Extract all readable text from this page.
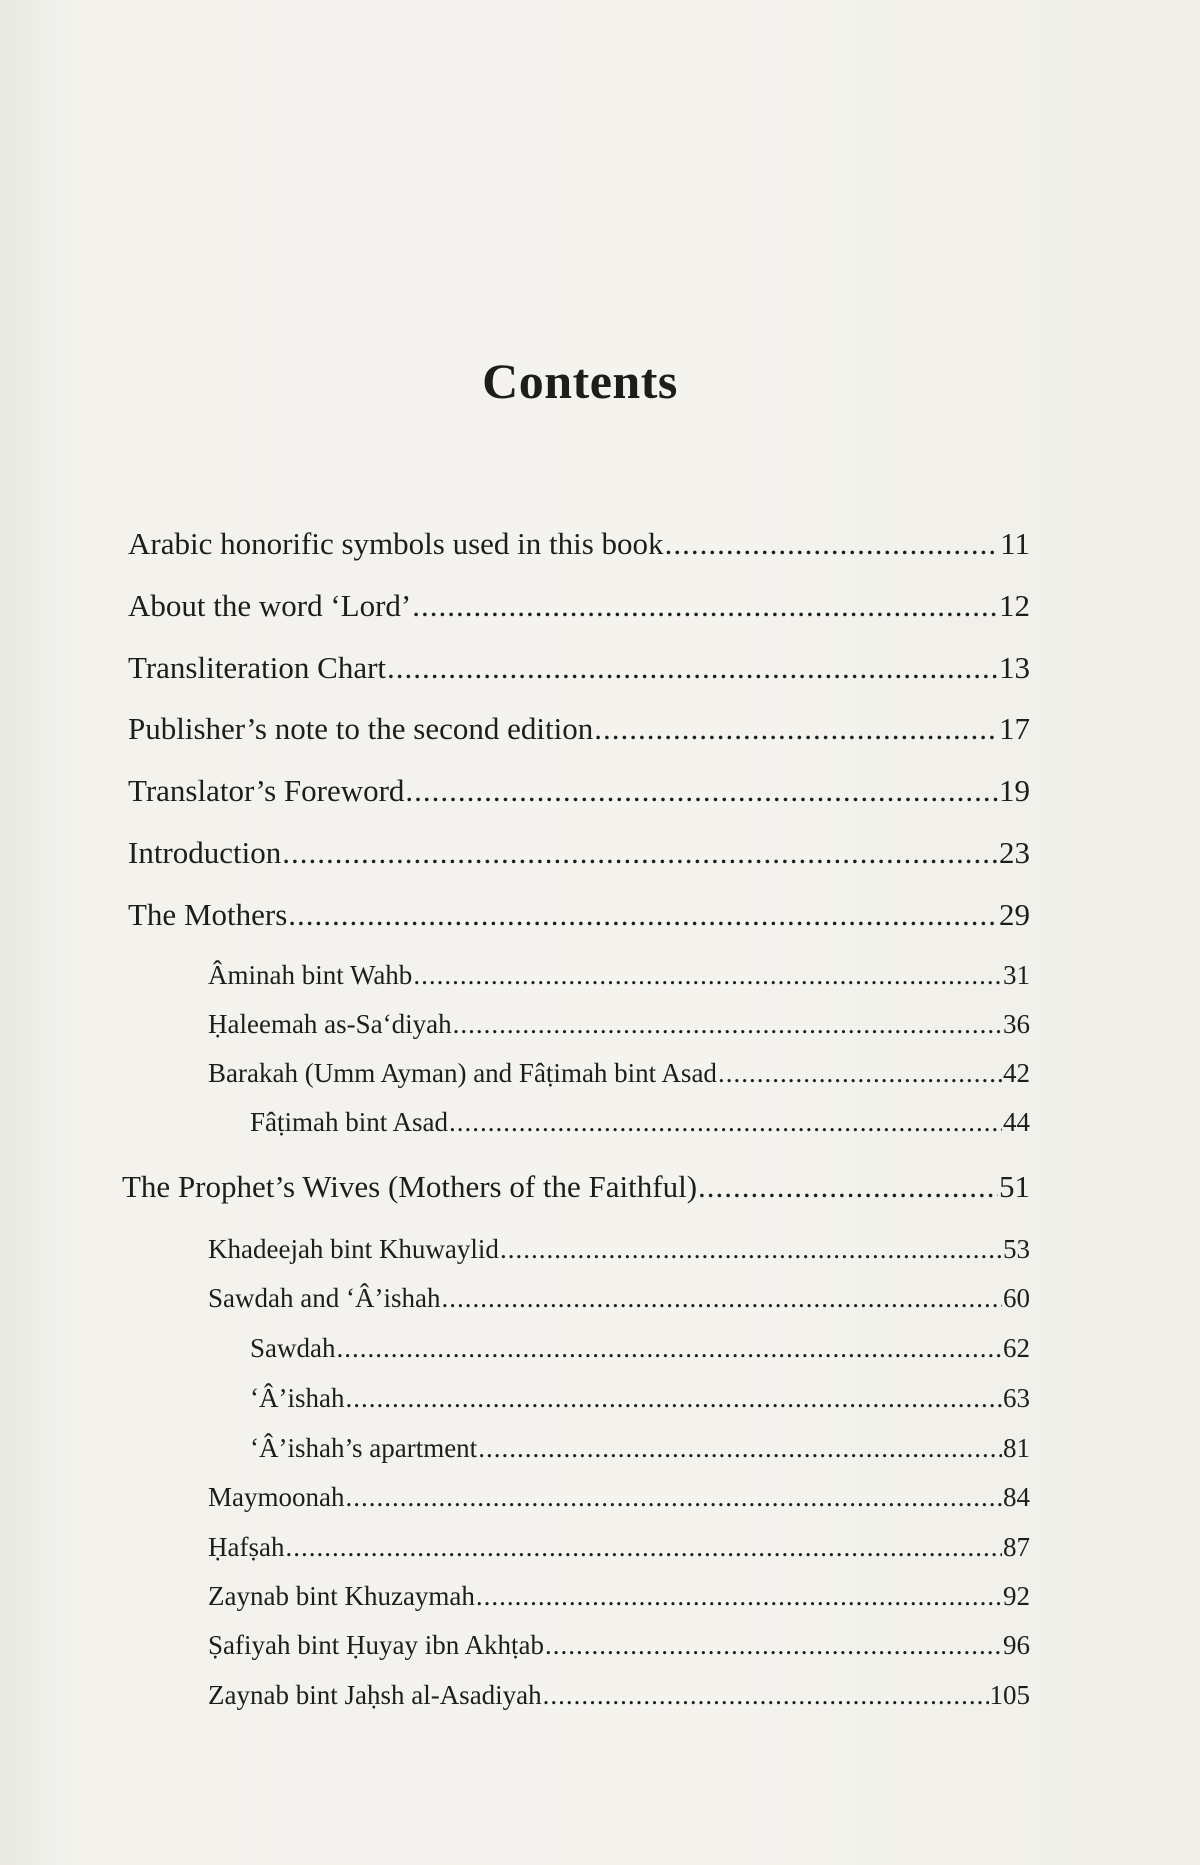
Contents
Arabic honorific symbols used in this book .....	11
About the word ‘Lord’ .....	12
Transliteration Chart .....	13
Publisher’s note to the second edition .....	17
Translator’s Foreword .....	19
Introduction .....	23
The Mothers .....	29
Âminah bint Wahb .....	31
Ḥaleemah as-Sa‘diyah .....	36
Barakah (Umm Ayman) and Fâṭimah bint Asad .....	42
Fâṭimah bint Asad .....	44
The Prophet’s Wives (Mothers of the Faithful) .....	51
Khadeejah bint Khuwaylid .....	53
Sawdah and ‘Â’ishah .....	60
Sawdah .....	62
‘Â’ishah .....	63
‘Â’ishah’s apartment .....	81
Maymoonah .....	84
Ḥafṣah .....	87
Zaynab bint Khuzaymah .....	92
Ṣafiyah bint Ḥuyay ibn Akhṭab .....	96
Zaynab bint Jaḥsh al-Asadiyah .....	105
